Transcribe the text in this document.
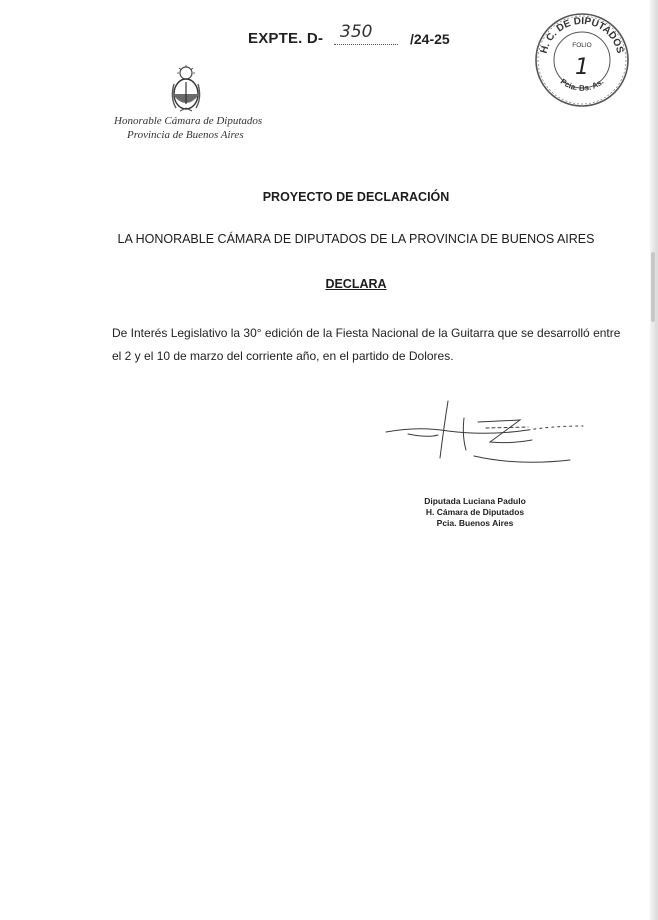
EXPTE. D- 350	/24-25
Honorable Cámara de Diputados
Provincia de Buenos Aires
H. C. DE DIPUTADOS
Pcia. Bs. As.
FOLIO
1
PROYECTO DE DECLARACIÓN
LA HONORABLE CÁMARA DE DIPUTADOS DE LA PROVINCIA DE BUENOS AIRES
DECLARA
De Interés Legislativo la 30° edición de la Fiesta Nacional de la Guitarra que se desarrolló entre el 2 y el 10 de marzo del corriente año, en el partido de Dolores.
Diputada Luciana Padulo
H. Cámara de Diputados
Pcia. Buenos Aires
